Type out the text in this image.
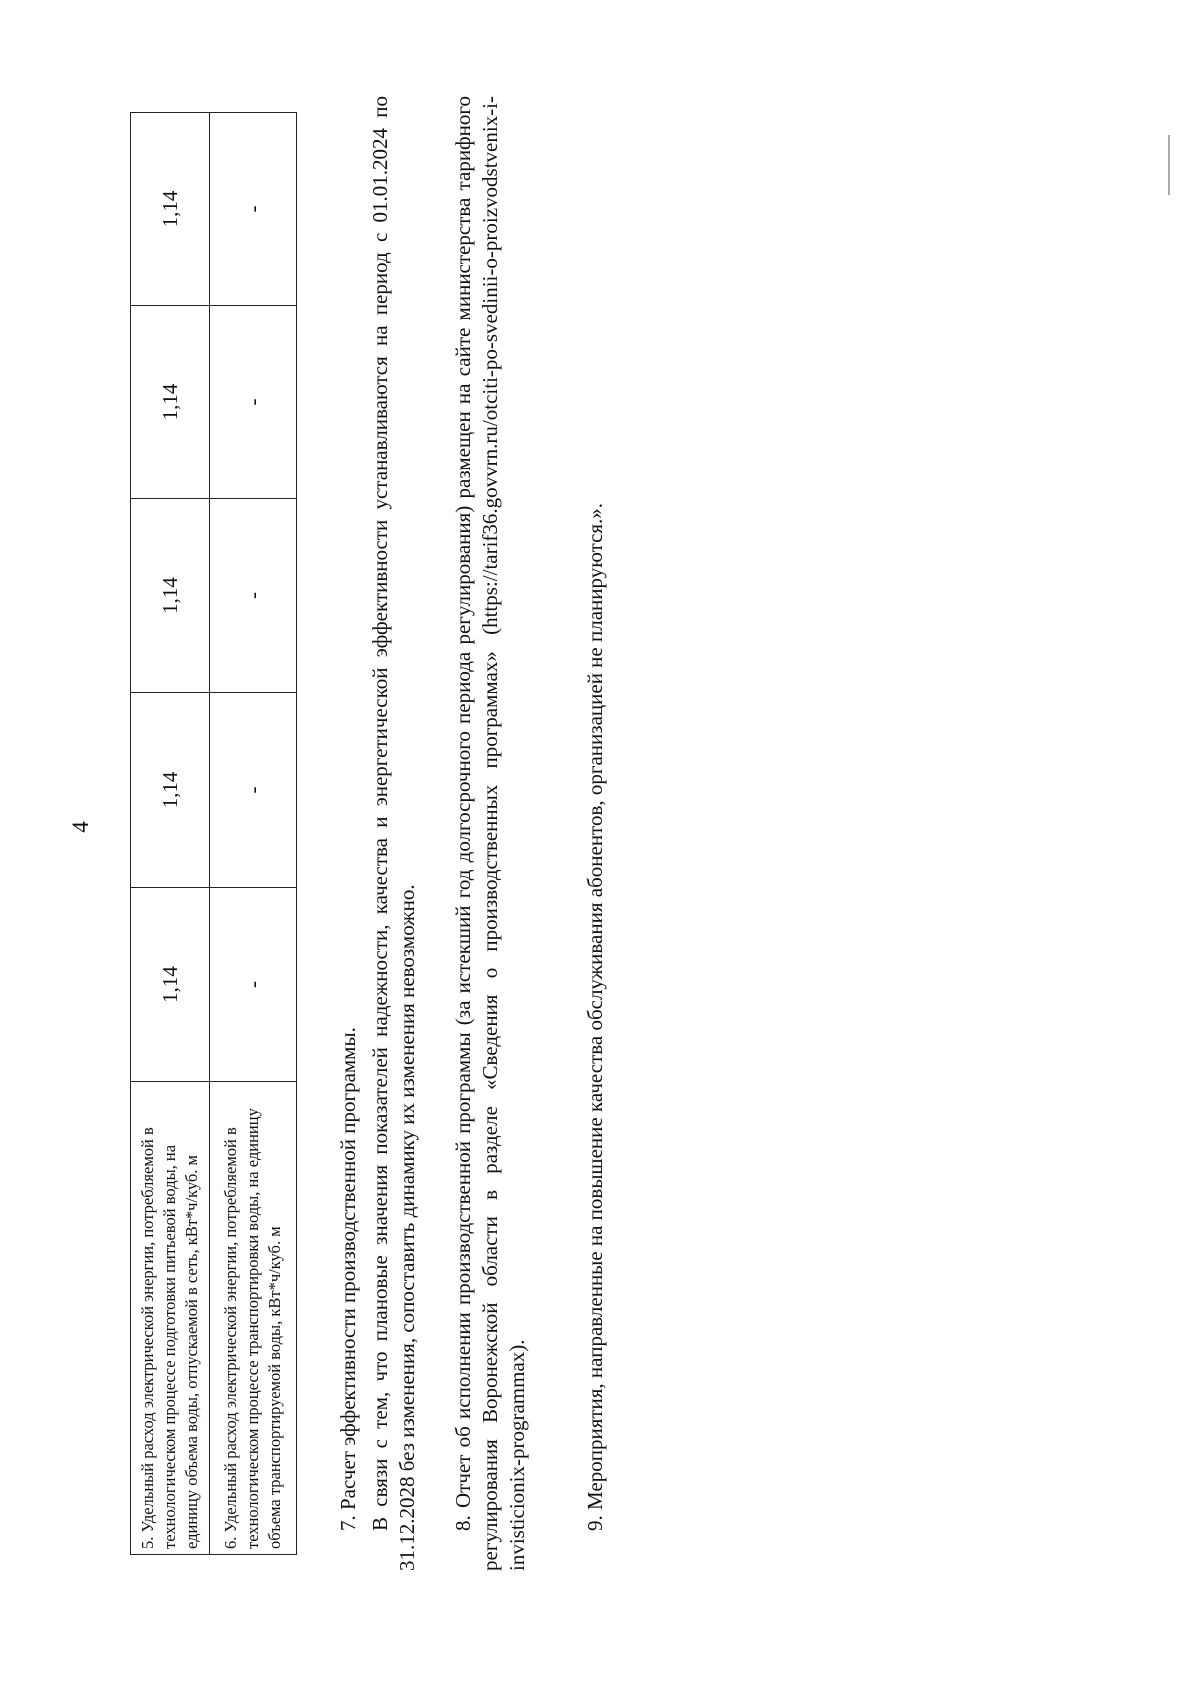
4
5. Удельный расход электрической энергии, потребляемой в технологическом процессе подготовки питьевой воды, на единицу объема воды, отпускаемой в сеть, кВт*ч/куб. м	1,14	1,14	1,14	1,14	1,14
6. Удельный расход электрической энергии, потребляемой в технологическом процессе транспортировки воды, на единицу объема транспортируемой воды, кВт*ч/куб. м	-	-	-	-	-
7. Расчет эффективности производственной программы. В связи с тем, что плановые значения показателей надежности, качества и энергетической эффективности устанавливаются на период с 01.01.2024 по 31.12.2028 без изменения, сопоставить динамику их изменения невозможно. 8. Отчет об исполнении производственной программы (за истекший год долгосрочного периода регулирования) размещен на сайте министерства тарифного регулирования Воронежской области в разделе «Сведения о производственных программах» (https://tarif36.govvrn.ru/otciti-po-svedinii-o-proizvodstvenix-i-invisticionix-programmax).	9. Мероприятия, направленные на повышение качества обслуживания абонентов, организацией не планируются.».
